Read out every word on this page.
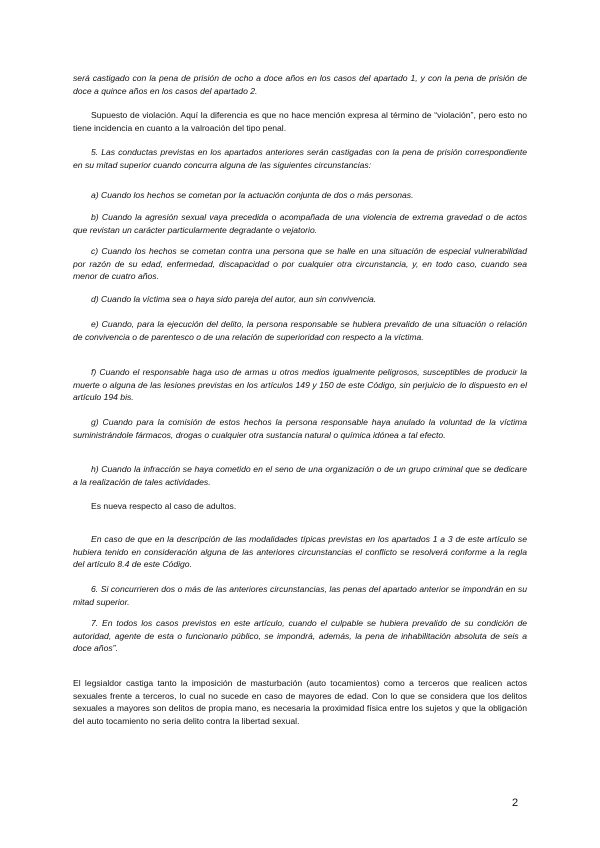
será castigado con la pena de prisión de ocho a doce años en los casos del apartado 1, y con la pena de prisión de doce a quince años en los casos del apartado 2.

Supuesto de violación. Aquí la diferencia es que no hace mención expresa al término de “violación”, pero esto no tiene incidencia en cuanto a la valroación del tipo penal.

5. Las conductas previstas en los apartados anteriores serán castigadas con la pena de prisión correspondiente en su mitad superior cuando concurra alguna de las siguientes circunstancias:

a) Cuando los hechos se cometan por la actuación conjunta de dos o más personas.

b) Cuando la agresión sexual vaya precedida o acompañada de una violencia de extrema gravedad o de actos que revistan un carácter particularmente degradante o vejatorio.

c) Cuando los hechos se cometan contra una persona que se halle en una situación de especial vulnerabilidad por razón de su edad, enfermedad, discapacidad o por cualquier otra circunstancia, y, en todo caso, cuando sea menor de cuatro años.

d) Cuando la víctima sea o haya sido pareja del autor, aun sin convivencia.

e) Cuando, para la ejecución del delito, la persona responsable se hubiera prevalido de una situación o relación de convivencia o de parentesco o de una relación de superioridad con respecto a la víctima.

f) Cuando el responsable haga uso de armas u otros medios igualmente peligrosos, susceptibles de producir la muerte o alguna de las lesiones previstas en los artículos 149 y 150 de este Código, sin perjuicio de lo dispuesto en el artículo 194 bis.

g) Cuando para la comisión de estos hechos la persona responsable haya anulado la voluntad de la víctima suministrándole fármacos, drogas o cualquier otra sustancia natural o química idónea a tal efecto.

h) Cuando la infracción se haya cometido en el seno de una organización o de un grupo criminal que se dedicare a la realización de tales actividades.

Es nueva respecto al caso de adultos.

En caso de que en la descripción de las modalidades típicas previstas en los apartados 1 a 3 de este artículo se hubiera tenido en consideración alguna de las anteriores circunstancias el conflicto se resolverá conforme a la regla del artículo 8.4 de este Código.

6. Si concurrieren dos o más de las anteriores circunstancias, las penas del apartado anterior se impondrán en su mitad superior.

7. En todos los casos previstos en este artículo, cuando el culpable se hubiera prevalido de su condición de autoridad, agente de esta o funcionario público, se impondrá, además, la pena de inhabilitación absoluta de seis a doce años”.

El legsialdor castiga tanto la imposición de masturbación (auto tocamientos) como a terceros que realicen actos sexuales frente a terceros, lo cual no sucede en caso de mayores de edad. Con lo que se considera que los delitos sexuales a mayores son delitos de propia mano, es necesaria la proximidad física entre los sujetos y que la obligación del auto tocamiento no seria delito contra la libertad sexual.

2
